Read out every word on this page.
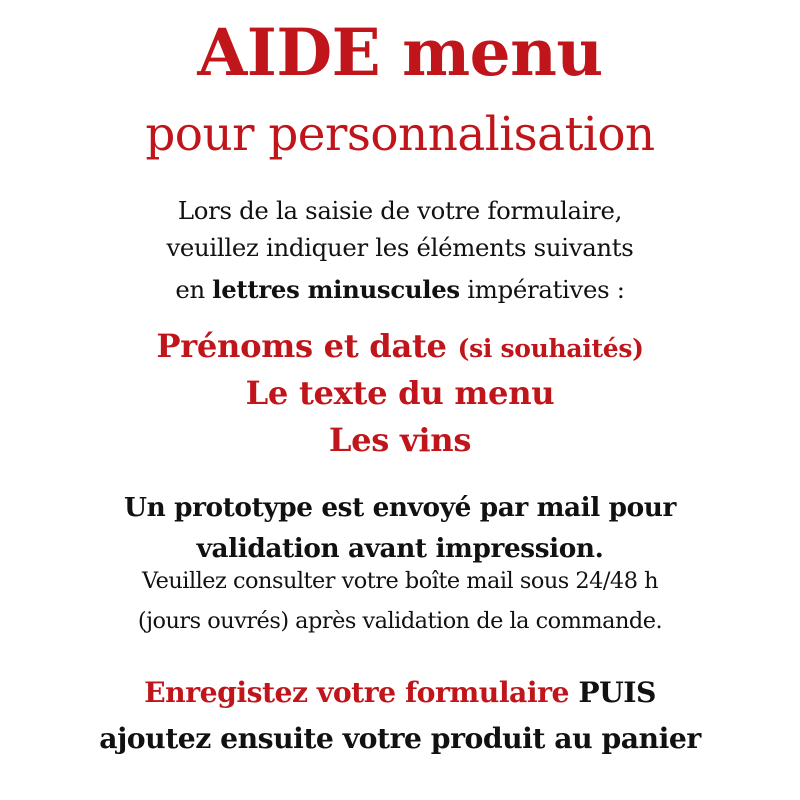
AIDE menu
pour personnalisation
Lors de la saisie de votre formulaire,
veuillez indiquer les éléments suivants
en lettres minuscules impératives :
Prénoms et date (si souhaités)
Le texte du menu
Les vins
Un prototype est envoyé par mail pour
validation avant impression.
Veuillez consulter votre boîte mail sous 24/48 h
(jours ouvrés) après validation de la commande.
Enregistez votre formulaire PUIS
ajoutez ensuite votre produit au panier
